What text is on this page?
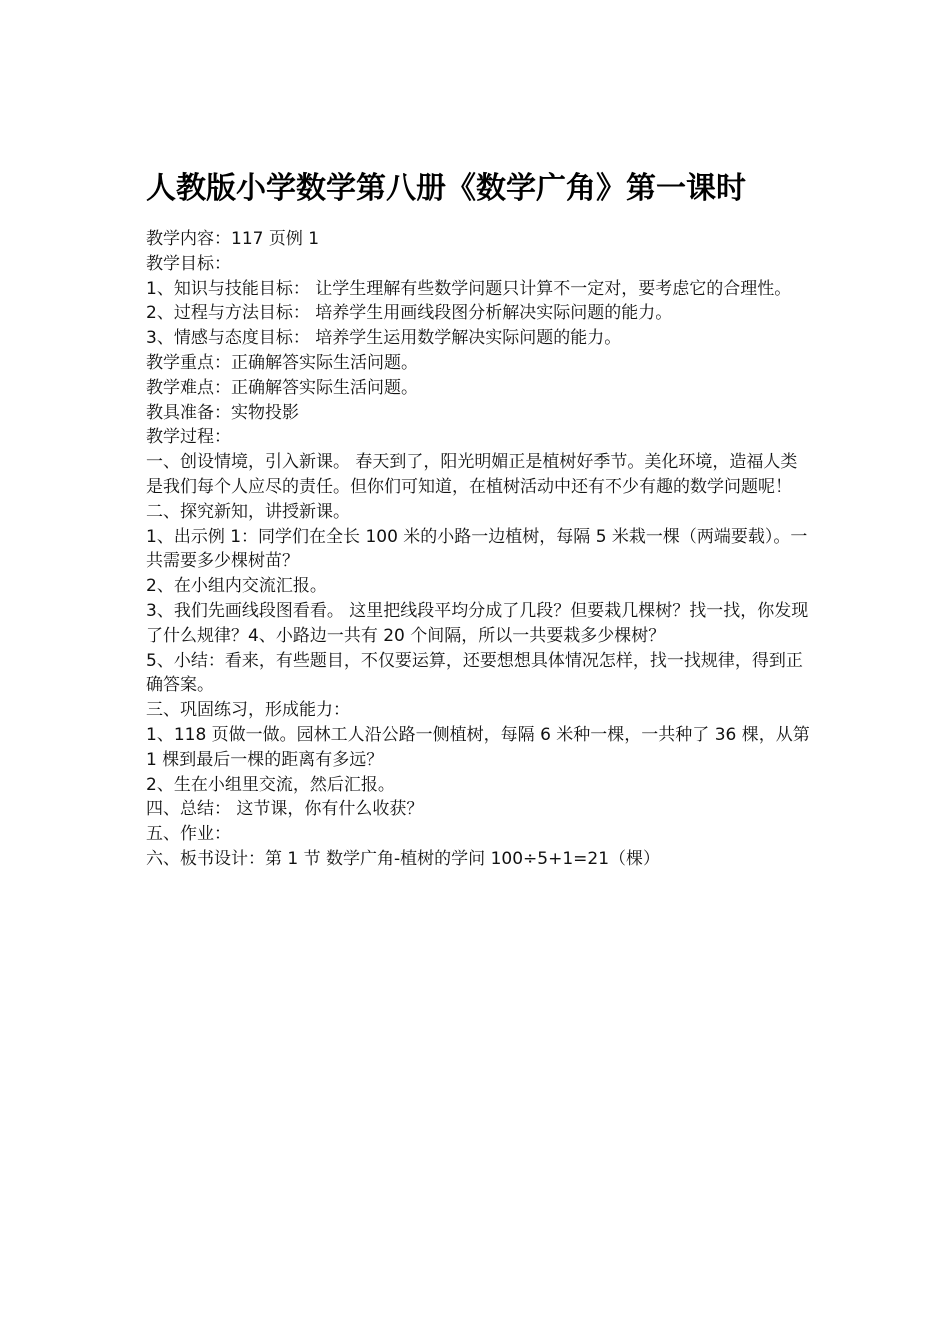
人教版小学数学第八册《数学广角》第一课时

教学内容：117 页例 1

教学目标：

1、知识与技能目标： 让学生理解有些数学问题只计算不一定对，要考虑它的合理性。

2、过程与方法目标： 培养学生用画线段图分析解决实际问题的能力。

3、情感与态度目标： 培养学生运用数学解决实际问题的能力。

教学重点：正确解答实际生活问题。

教学难点：正确解答实际生活问题。

教具准备：实物投影

教学过程：

一、创设情境，引入新课。 春天到了，阳光明媚正是植树好季节。美化环境，造福人类是我们每个人应尽的责任。但你们可知道，在植树活动中还有不少有趣的数学问题呢！

二、探究新知，讲授新课。

1、出示例 1：同学们在全长 100 米的小路一边植树，每隔 5 米栽一棵（两端要载）。一共需要多少棵树苗？

2、在小组内交流汇报。

3、我们先画线段图看看。 这里把线段平均分成了几段？但要栽几棵树？找一找，你发现了什么规律？4、小路边一共有 20 个间隔，所以一共要栽多少棵树？

5、小结：看来，有些题目，不仅要运算，还要想想具体情况怎样，找一找规律，得到正确答案。

三、巩固练习，形成能力：

1、118 页做一做。园林工人沿公路一侧植树，每隔 6 米种一棵，一共种了 36 棵，从第 1 棵到最后一棵的距离有多远？

2、生在小组里交流，然后汇报。

四、总结： 这节课，你有什么收获？

五、作业：

六、板书设计：第 1 节 数学广角-植树的学问 100÷5+1=21（棵）
